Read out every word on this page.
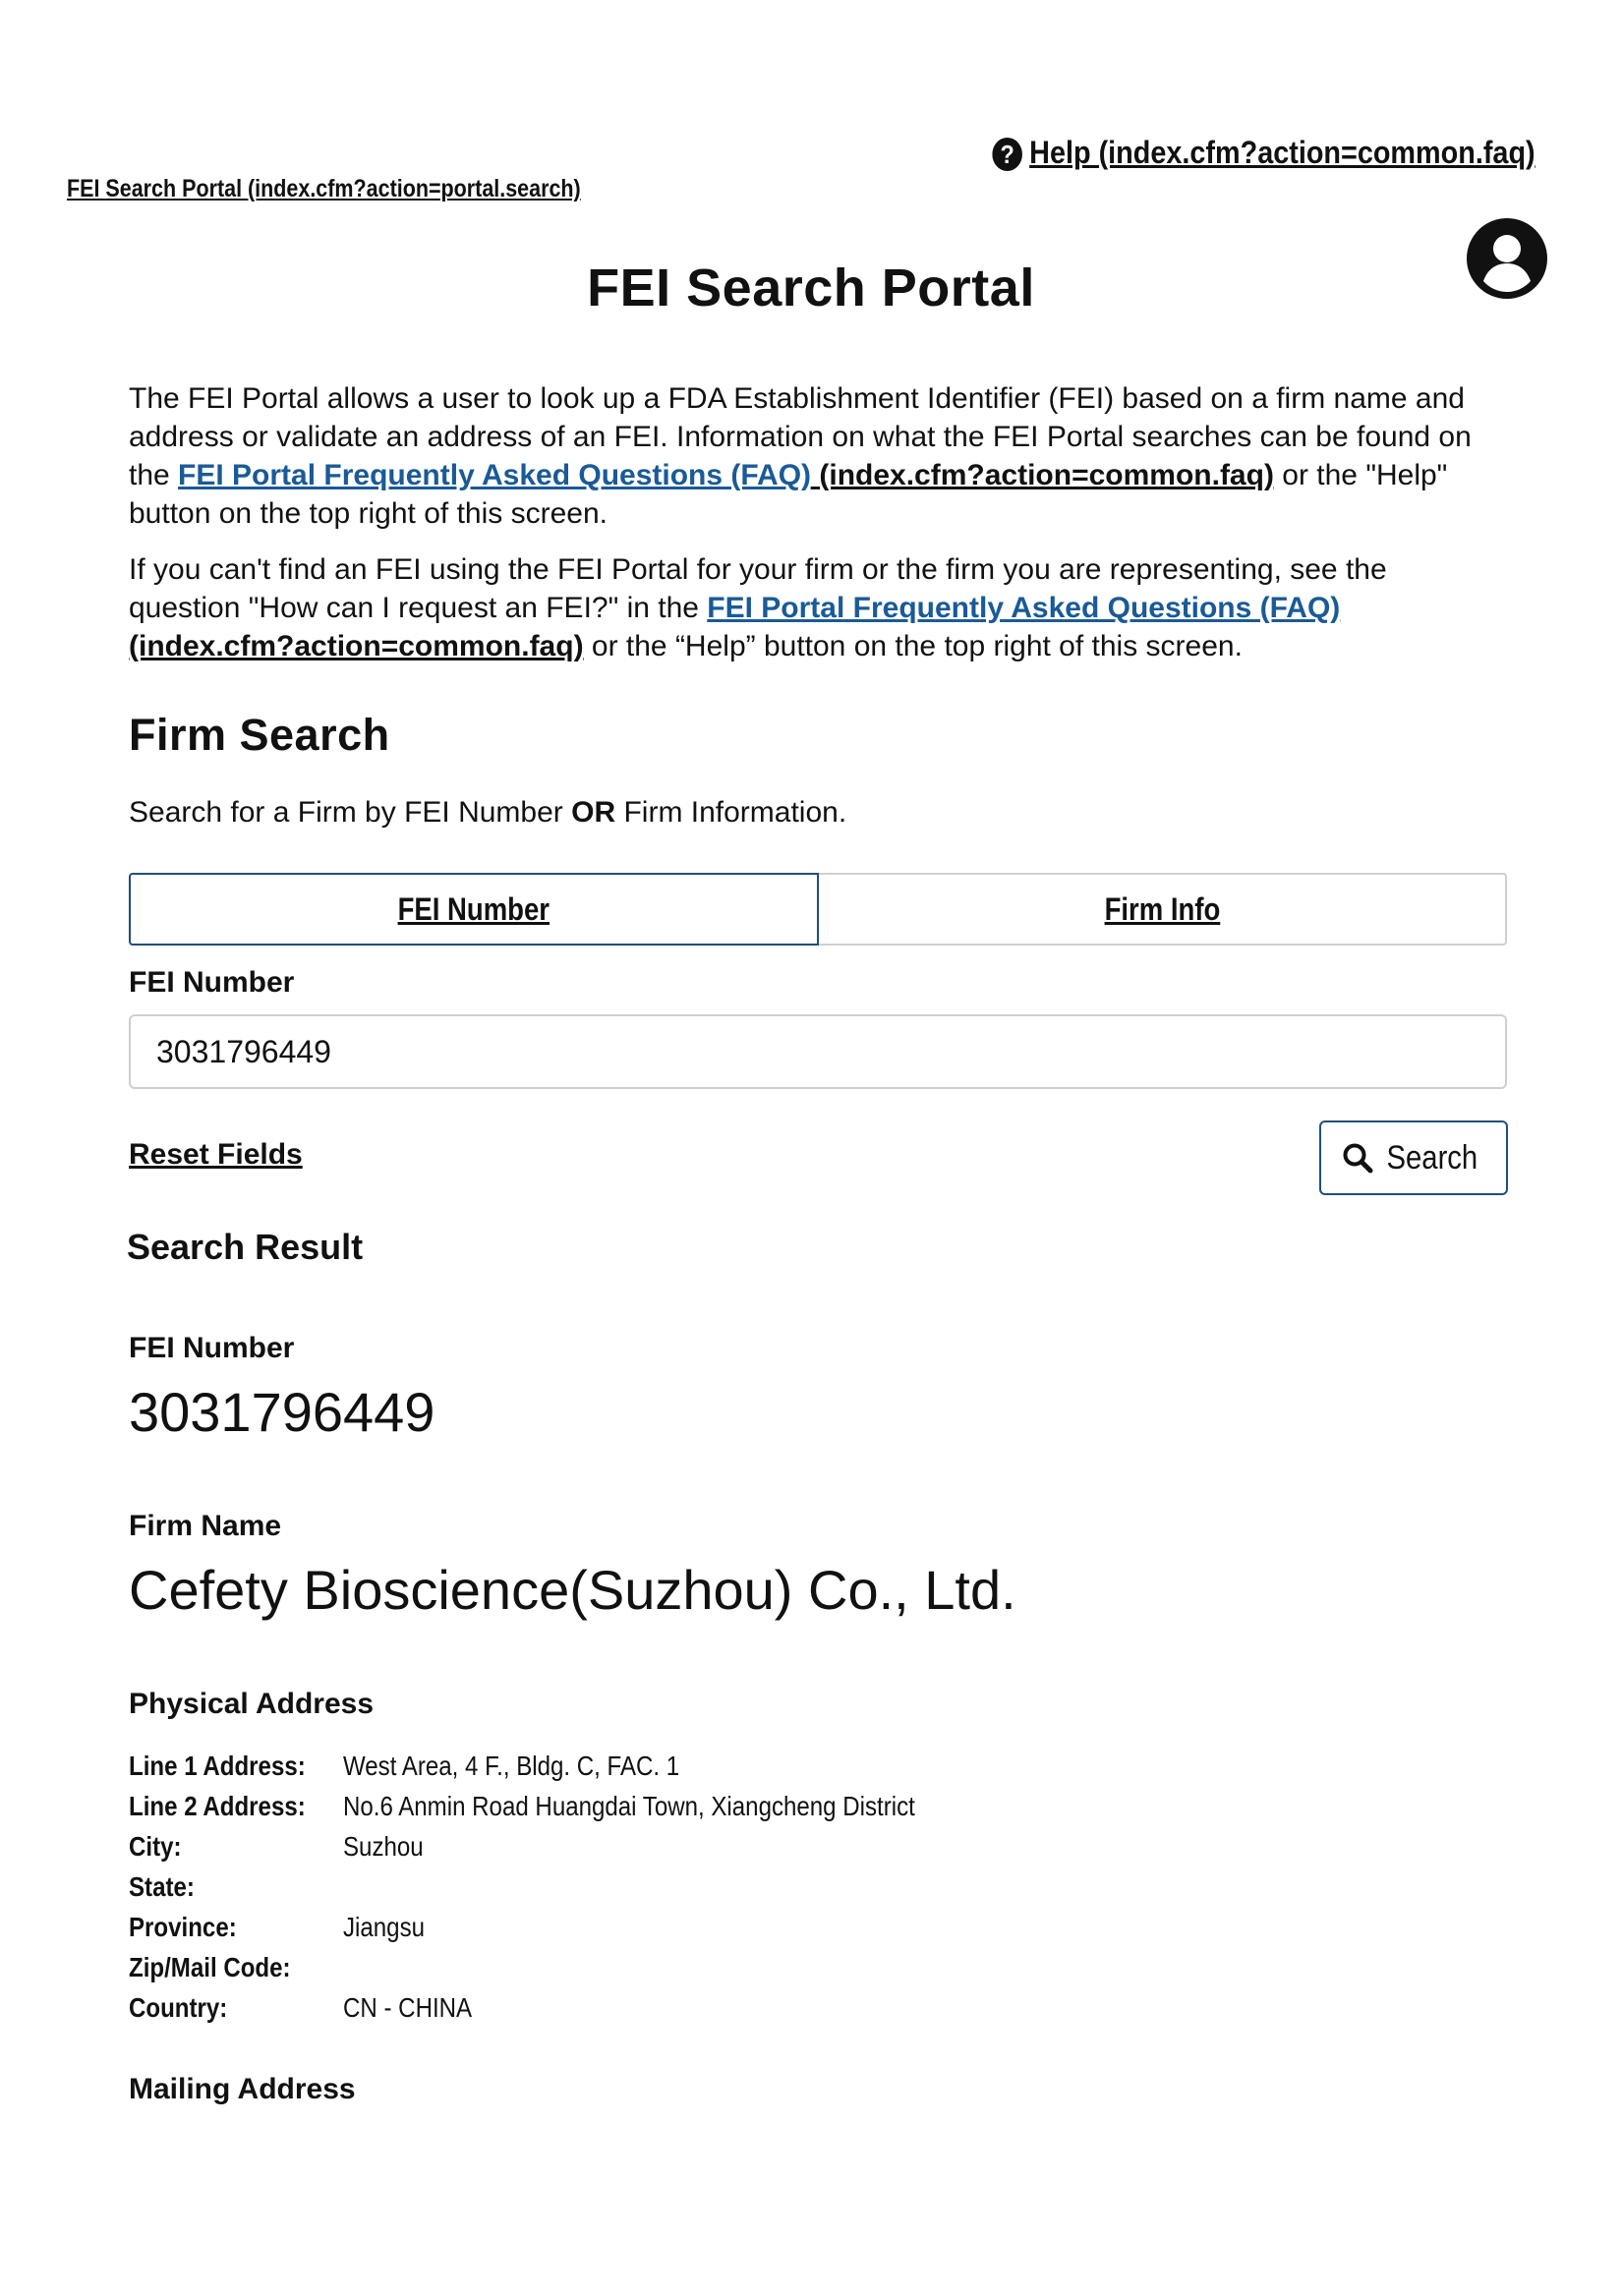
FEI Search Portal (index.cfm?action=portal.search)
? Help (index.cfm?action=common.faq)
FEI Search Portal

The FEI Portal allows a user to look up a FDA Establishment Identifier (FEI) based on a firm name and address or validate an address of an FEI. Information on what the FEI Portal searches can be found on the FEI Portal Frequently Asked Questions (FAQ) (index.cfm?action=common.faq) or the "Help" button on the top right of this screen.

If you can't find an FEI using the FEI Portal for your firm or the firm you are representing, see the question "How can I request an FEI?" in the FEI Portal Frequently Asked Questions (FAQ) (index.cfm?action=common.faq) or the “Help” button on the top right of this screen.

Firm Search

Search for a Firm by FEI Number OR Firm Information.

FEI Number	Firm Info

FEI Number

3031796449
Reset Fields	Search
Search Result

FEI Number

3031796449

Firm Name

Cefety Bioscience(Suzhou) Co., Ltd.

Physical Address

Line 1 Address:	West Area, 4 F., Bldg. C, FAC. 1
Line 2 Address:	No.6 Anmin Road Huangdai Town, Xiangcheng District
City:	Suzhou
State:	
Province:	Jiangsu
Zip/Mail Code:	
Country:	CN - CHINA

Mailing Address
